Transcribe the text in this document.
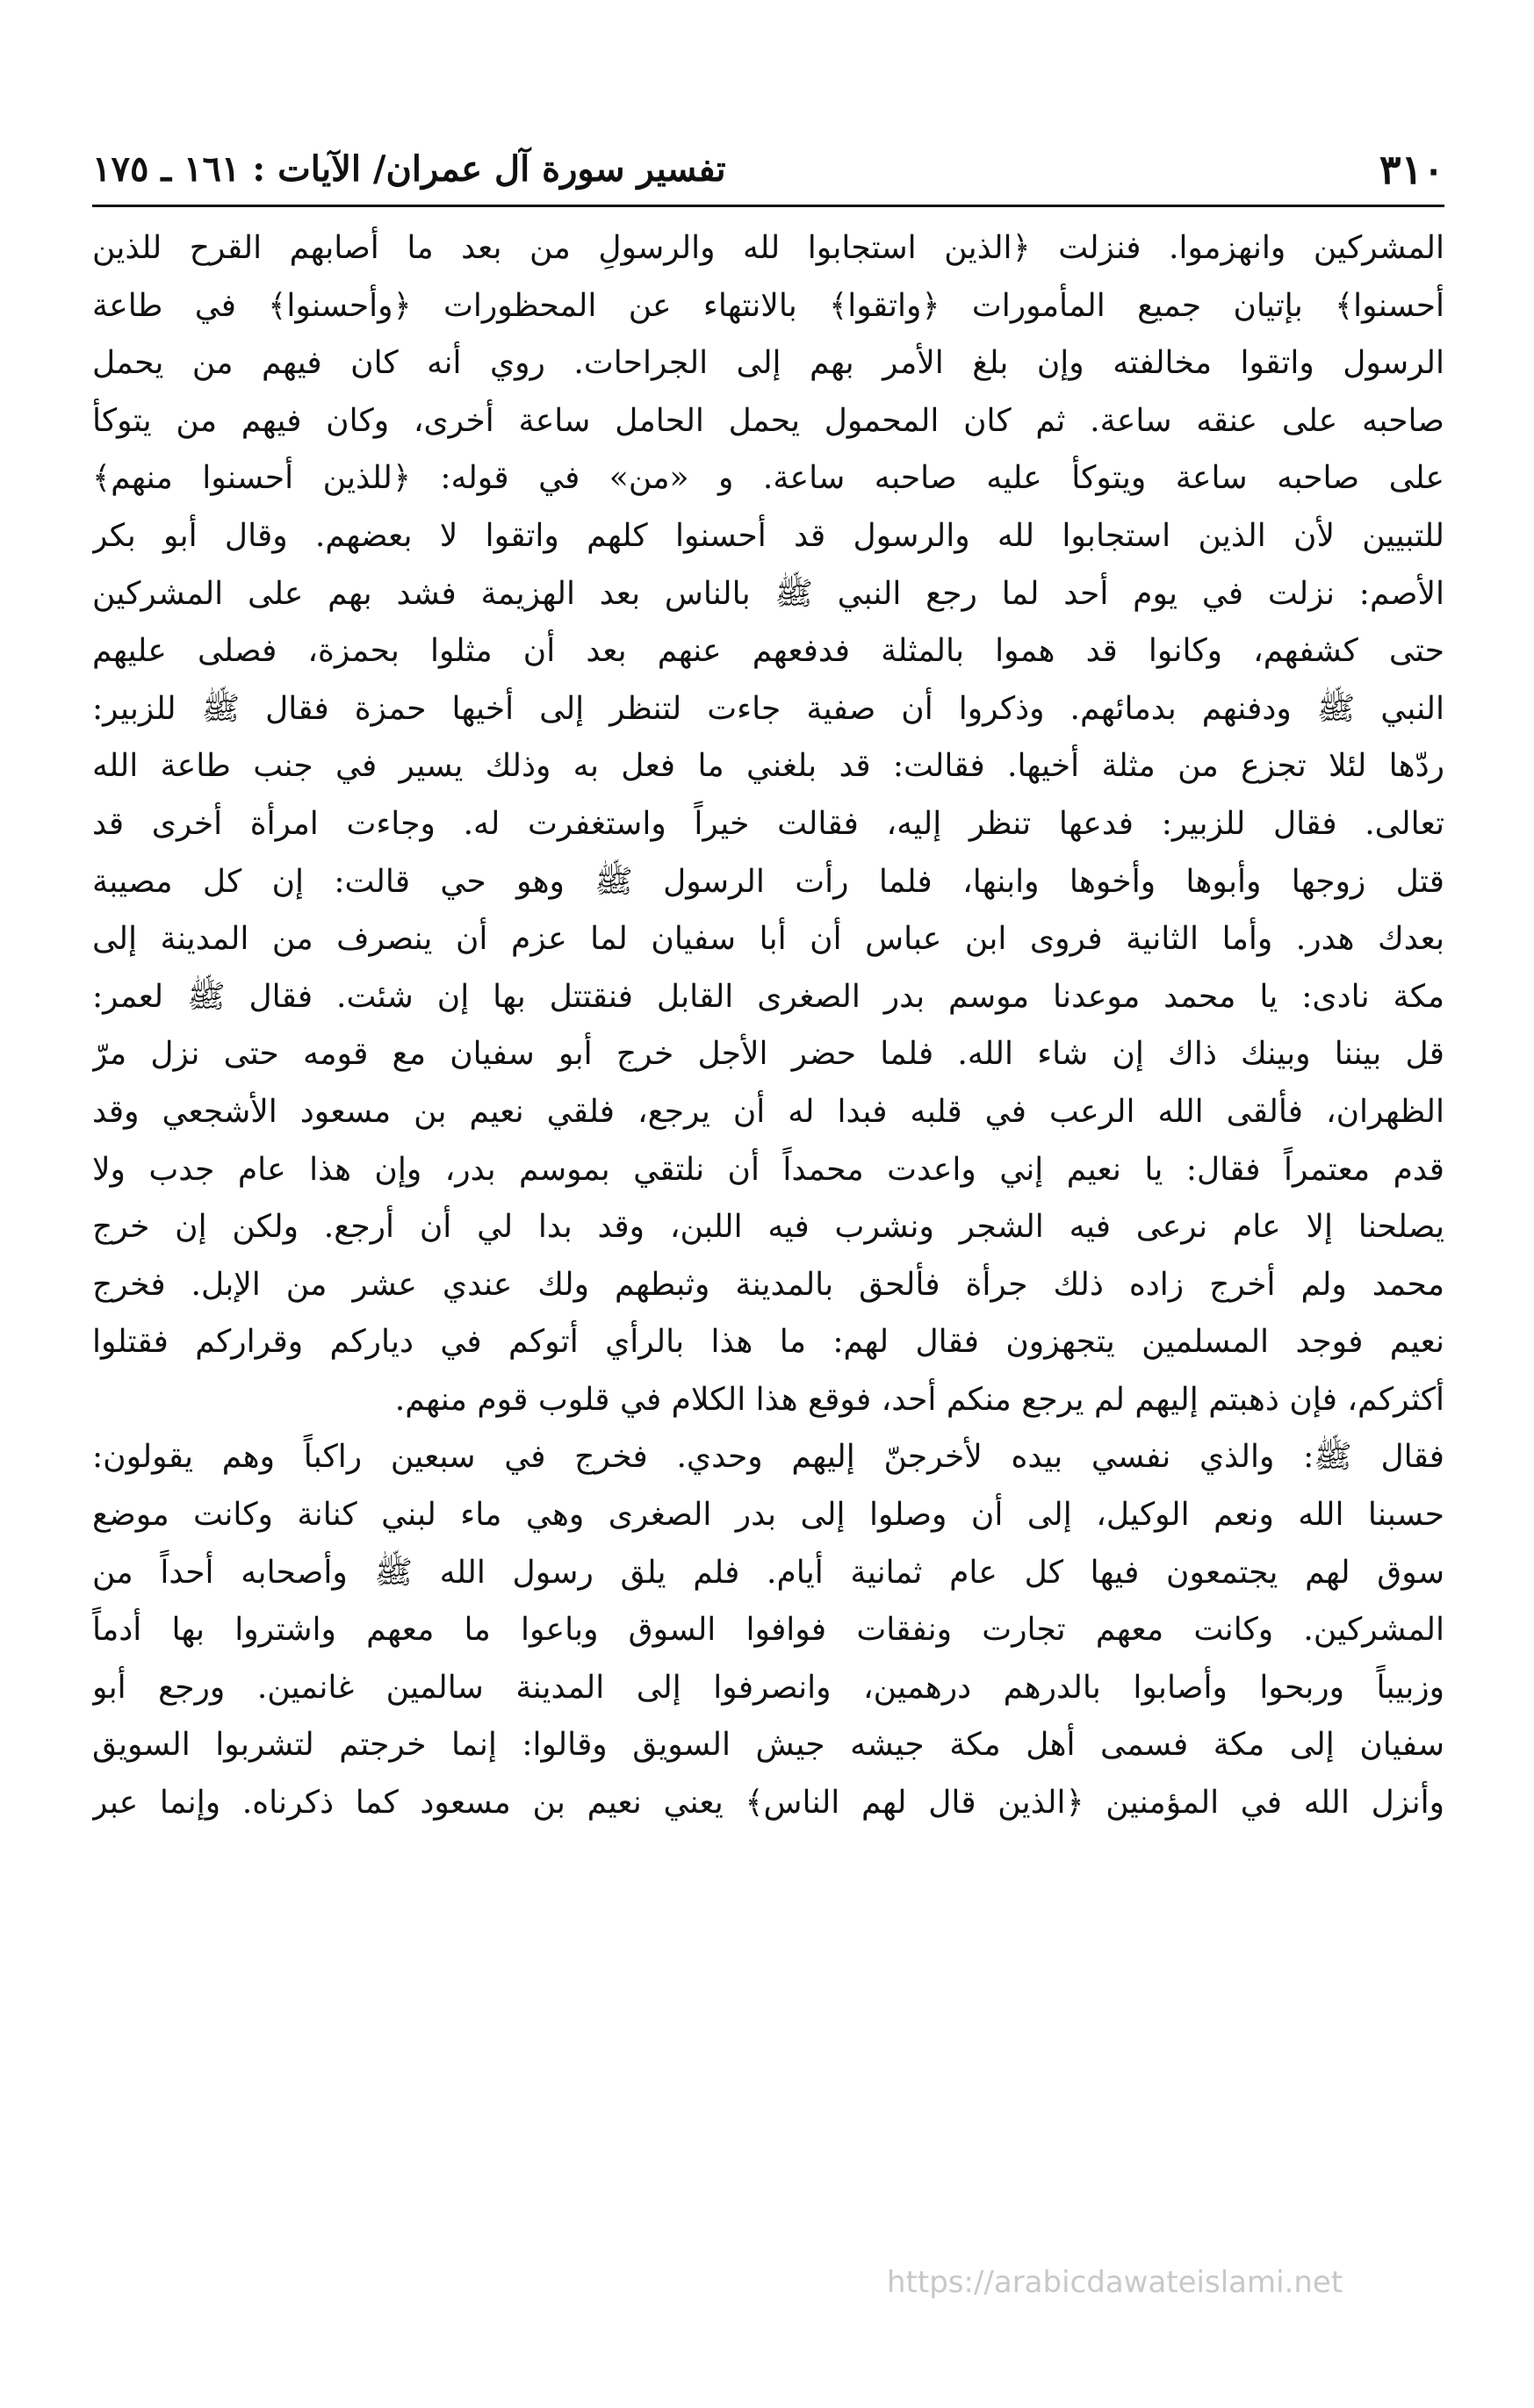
٣١٠
تفسير سورة آل عمران/ الآيات : ١٦١ ـ ١٧٥
المشركين وانهزموا. فنزلت ﴿الذين استجابوا لله والرسولِ من بعد ما أصابهم القرح للذين
أحسنوا﴾ بإتيان جميع المأمورات ﴿واتقوا﴾ بالانتهاء عن المحظورات ﴿وأحسنوا﴾ في طاعة
الرسول واتقوا مخالفته وإن بلغ الأمر بهم إلى الجراحات. روي أنه كان فيهم من يحمل
صاحبه على عنقه ساعة. ثم كان المحمول يحمل الحامل ساعة أخرى، وكان فيهم من يتوكأ
على صاحبه ساعة ويتوكأ عليه صاحبه ساعة. و «من» في قوله: ﴿للذين أحسنوا منهم﴾
للتبيين لأن الذين استجابوا لله والرسول قد أحسنوا كلهم واتقوا لا بعضهم. وقال أبو بكر
الأصم: نزلت في يوم أحد لما رجع النبي ﷺ بالناس بعد الهزيمة فشد بهم على المشركين
حتى كشفهم، وكانوا قد هموا بالمثلة فدفعهم عنهم بعد أن مثلوا بحمزة، فصلى عليهم
النبي ﷺ ودفنهم بدمائهم. وذكروا أن صفية جاءت لتنظر إلى أخيها حمزة فقال ﷺ للزبير:
ردّها لئلا تجزع من مثلة أخيها. فقالت: قد بلغني ما فعل به وذلك يسير في جنب طاعة الله
تعالى. فقال للزبير: فدعها تنظر إليه، فقالت خيراً واستغفرت له. وجاءت امرأة أخرى قد
قتل زوجها وأبوها وأخوها وابنها، فلما رأت الرسول ﷺ وهو حي قالت: إن كل مصيبة
بعدك هدر. وأما الثانية فروى ابن عباس أن أبا سفيان لما عزم أن ينصرف من المدينة إلى
مكة نادى: يا محمد موعدنا موسم بدر الصغرى القابل فنقتتل بها إن شئت. فقال ﷺ لعمر:
قل بيننا وبينك ذاك إن شاء الله. فلما حضر الأجل خرج أبو سفيان مع قومه حتى نزل مرّ
الظهران، فألقى الله الرعب في قلبه فبدا له أن يرجع، فلقي نعيم بن مسعود الأشجعي وقد
قدم معتمراً فقال: يا نعيم إني واعدت محمداً أن نلتقي بموسم بدر، وإن هذا عام جدب ولا
يصلحنا إلا عام نرعى فيه الشجر ونشرب فيه اللبن، وقد بدا لي أن أرجع. ولكن إن خرج
محمد ولم أخرج زاده ذلك جرأة فألحق بالمدينة وثبطهم ولك عندي عشر من الإبل. فخرج
نعيم فوجد المسلمين يتجهزون فقال لهم: ما هذا بالرأي أتوكم في دياركم وقراركم فقتلوا
أكثركم، فإن ذهبتم إليهم لم يرجع منكم أحد، فوقع هذا الكلام في قلوب قوم منهم.
فقال ﷺ: والذي نفسي بيده لأخرجنّ إليهم وحدي. فخرج في سبعين راكباً وهم يقولون:
حسبنا الله ونعم الوكيل، إلى أن وصلوا إلى بدر الصغرى وهي ماء لبني كنانة وكانت موضع
سوق لهم يجتمعون فيها كل عام ثمانية أيام. فلم يلق رسول الله ﷺ وأصحابه أحداً من
المشركين. وكانت معهم تجارت ونفقات فوافوا السوق وباعوا ما معهم واشتروا بها أدماً
وزبيباً وربحوا وأصابوا بالدرهم درهمين، وانصرفوا إلى المدينة سالمين غانمين. ورجع أبو
سفيان إلى مكة فسمى أهل مكة جيشه جيش السويق وقالوا: إنما خرجتم لتشربوا السويق
وأنزل الله في المؤمنين ﴿الذين قال لهم الناس﴾ يعني نعيم بن مسعود كما ذكرناه. وإنما عبر
https://arabicdawateislami.net
